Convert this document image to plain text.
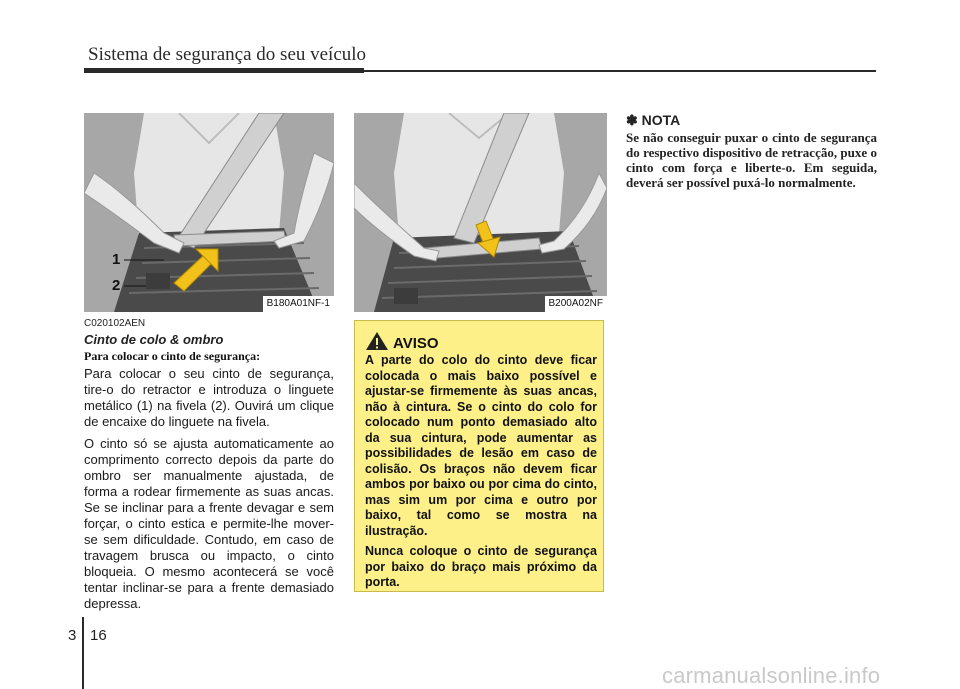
Sistema de segurança do seu veículo
1
2
B180A01NF-1	B200A02NF
C020102AEN
Cinto de colo & ombro
Para colocar o cinto de segurança:

Para colocar o seu cinto de segurança, tire-o do retractor e introduza o linguete metálico (1) na fivela (2). Ouvirá um clique de encaixe do linguete na fivela.

O cinto só se ajusta automaticamente ao comprimento correcto depois da parte do ombro ser manualmente ajustada, de forma a rodear firmemente as suas ancas. Se se inclinar para a frente devagar e sem forçar, o cinto estica e permite-lhe mover-se sem dificuldade. Contudo, em caso de travagem brusca ou impacto, o cinto bloqueia. O mesmo acontecerá se você tentar inclinar-se para a frente demasiado depressa.

AVISO

A parte do colo do cinto deve ficar colocada o mais baixo possível e ajustar-se firmemente às suas ancas, não à cintura. Se o cinto do colo for colocado num ponto demasiado alto da sua cintura, pode aumentar as possibilidades de lesão em caso de colisão. Os braços não devem ficar ambos por baixo ou por cima do cinto, mas sim um por cima e outro por baixo, tal como se mostra na ilustração.

Nunca coloque o cinto de segurança por baixo do braço mais próximo da porta.

✽ NOTA
Se não conseguir puxar o cinto de segurança do respectivo dispositivo de retracção, puxe o cinto com força e liberte-o. Em seguida, deverá ser possível puxá-lo normalmente.
3 16
carmanualsonline.info
